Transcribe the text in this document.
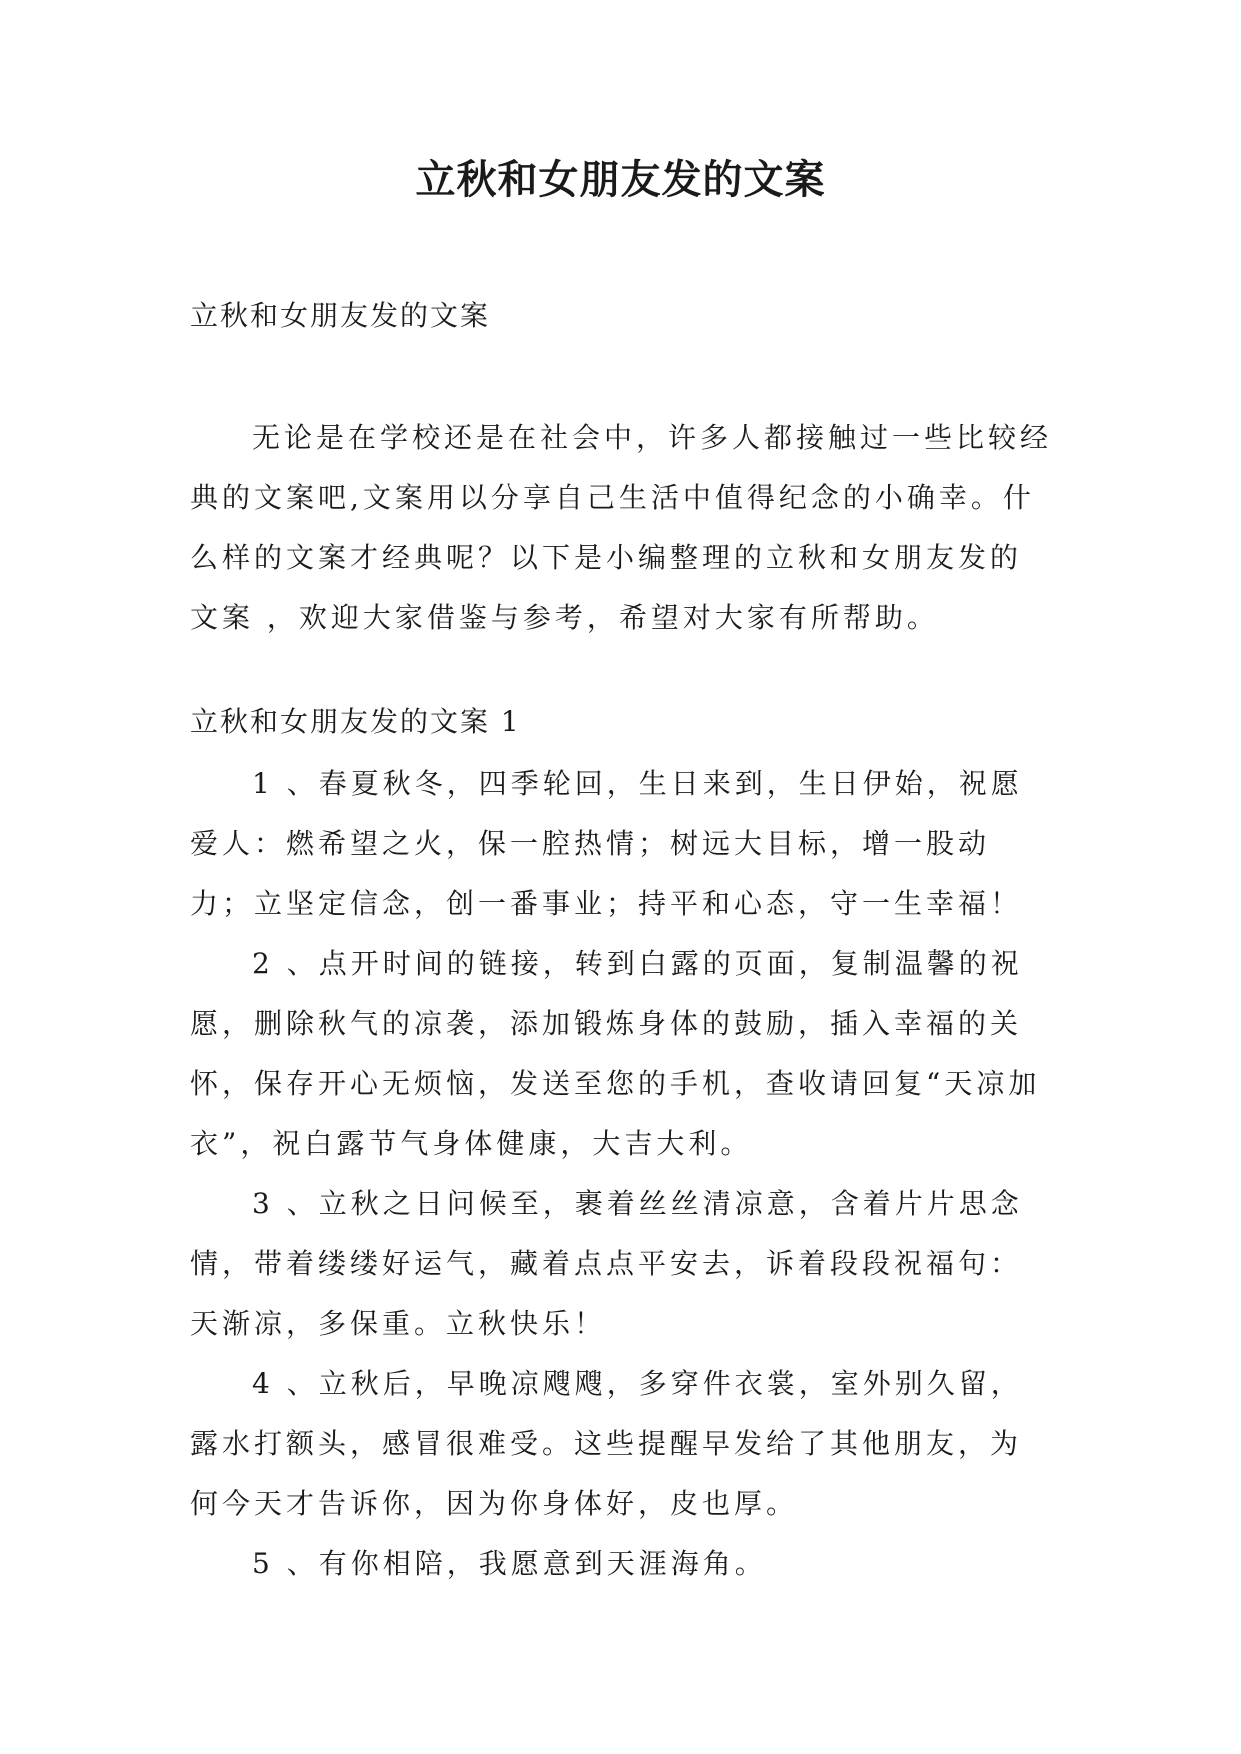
立秋和女朋友发的文案
立秋和女朋友发的文案

无论是在学校还是在社会中，许多人都接触过一些比较经典的文案吧,文案用以分享自己生活中值得纪念的小确幸。什么样的文案才经典呢？以下是小编整理的立秋和女朋友发的文案 ，欢迎大家借鉴与参考，希望对大家有所帮助。

立秋和女朋友发的文案 1

1 、春夏秋冬，四季轮回，生日来到，生日伊始，祝愿爱人：燃希望之火，保一腔热情；树远大目标，增一股动力；立坚定信念，创一番事业；持平和心态，守一生幸福！

2 、点开时间的链接，转到白露的页面，复制温馨的祝愿，删除秋气的凉袭，添加锻炼身体的鼓励，插入幸福的关怀，保存开心无烦恼，发送至您的手机，查收请回复“天凉加衣”，祝白露节气身体健康，大吉大利。

3 、立秋之日问候至，裹着丝丝清凉意，含着片片思念情，带着缕缕好运气，藏着点点平安去，诉着段段祝福句：天渐凉，多保重。立秋快乐！

4 、立秋后，早晚凉飕飕，多穿件衣裳，室外别久留，露水打额头，感冒很难受。这些提醒早发给了其他朋友，为何今天才告诉你，因为你身体好，皮也厚。

5 、有你相陪，我愿意到天涯海角。
